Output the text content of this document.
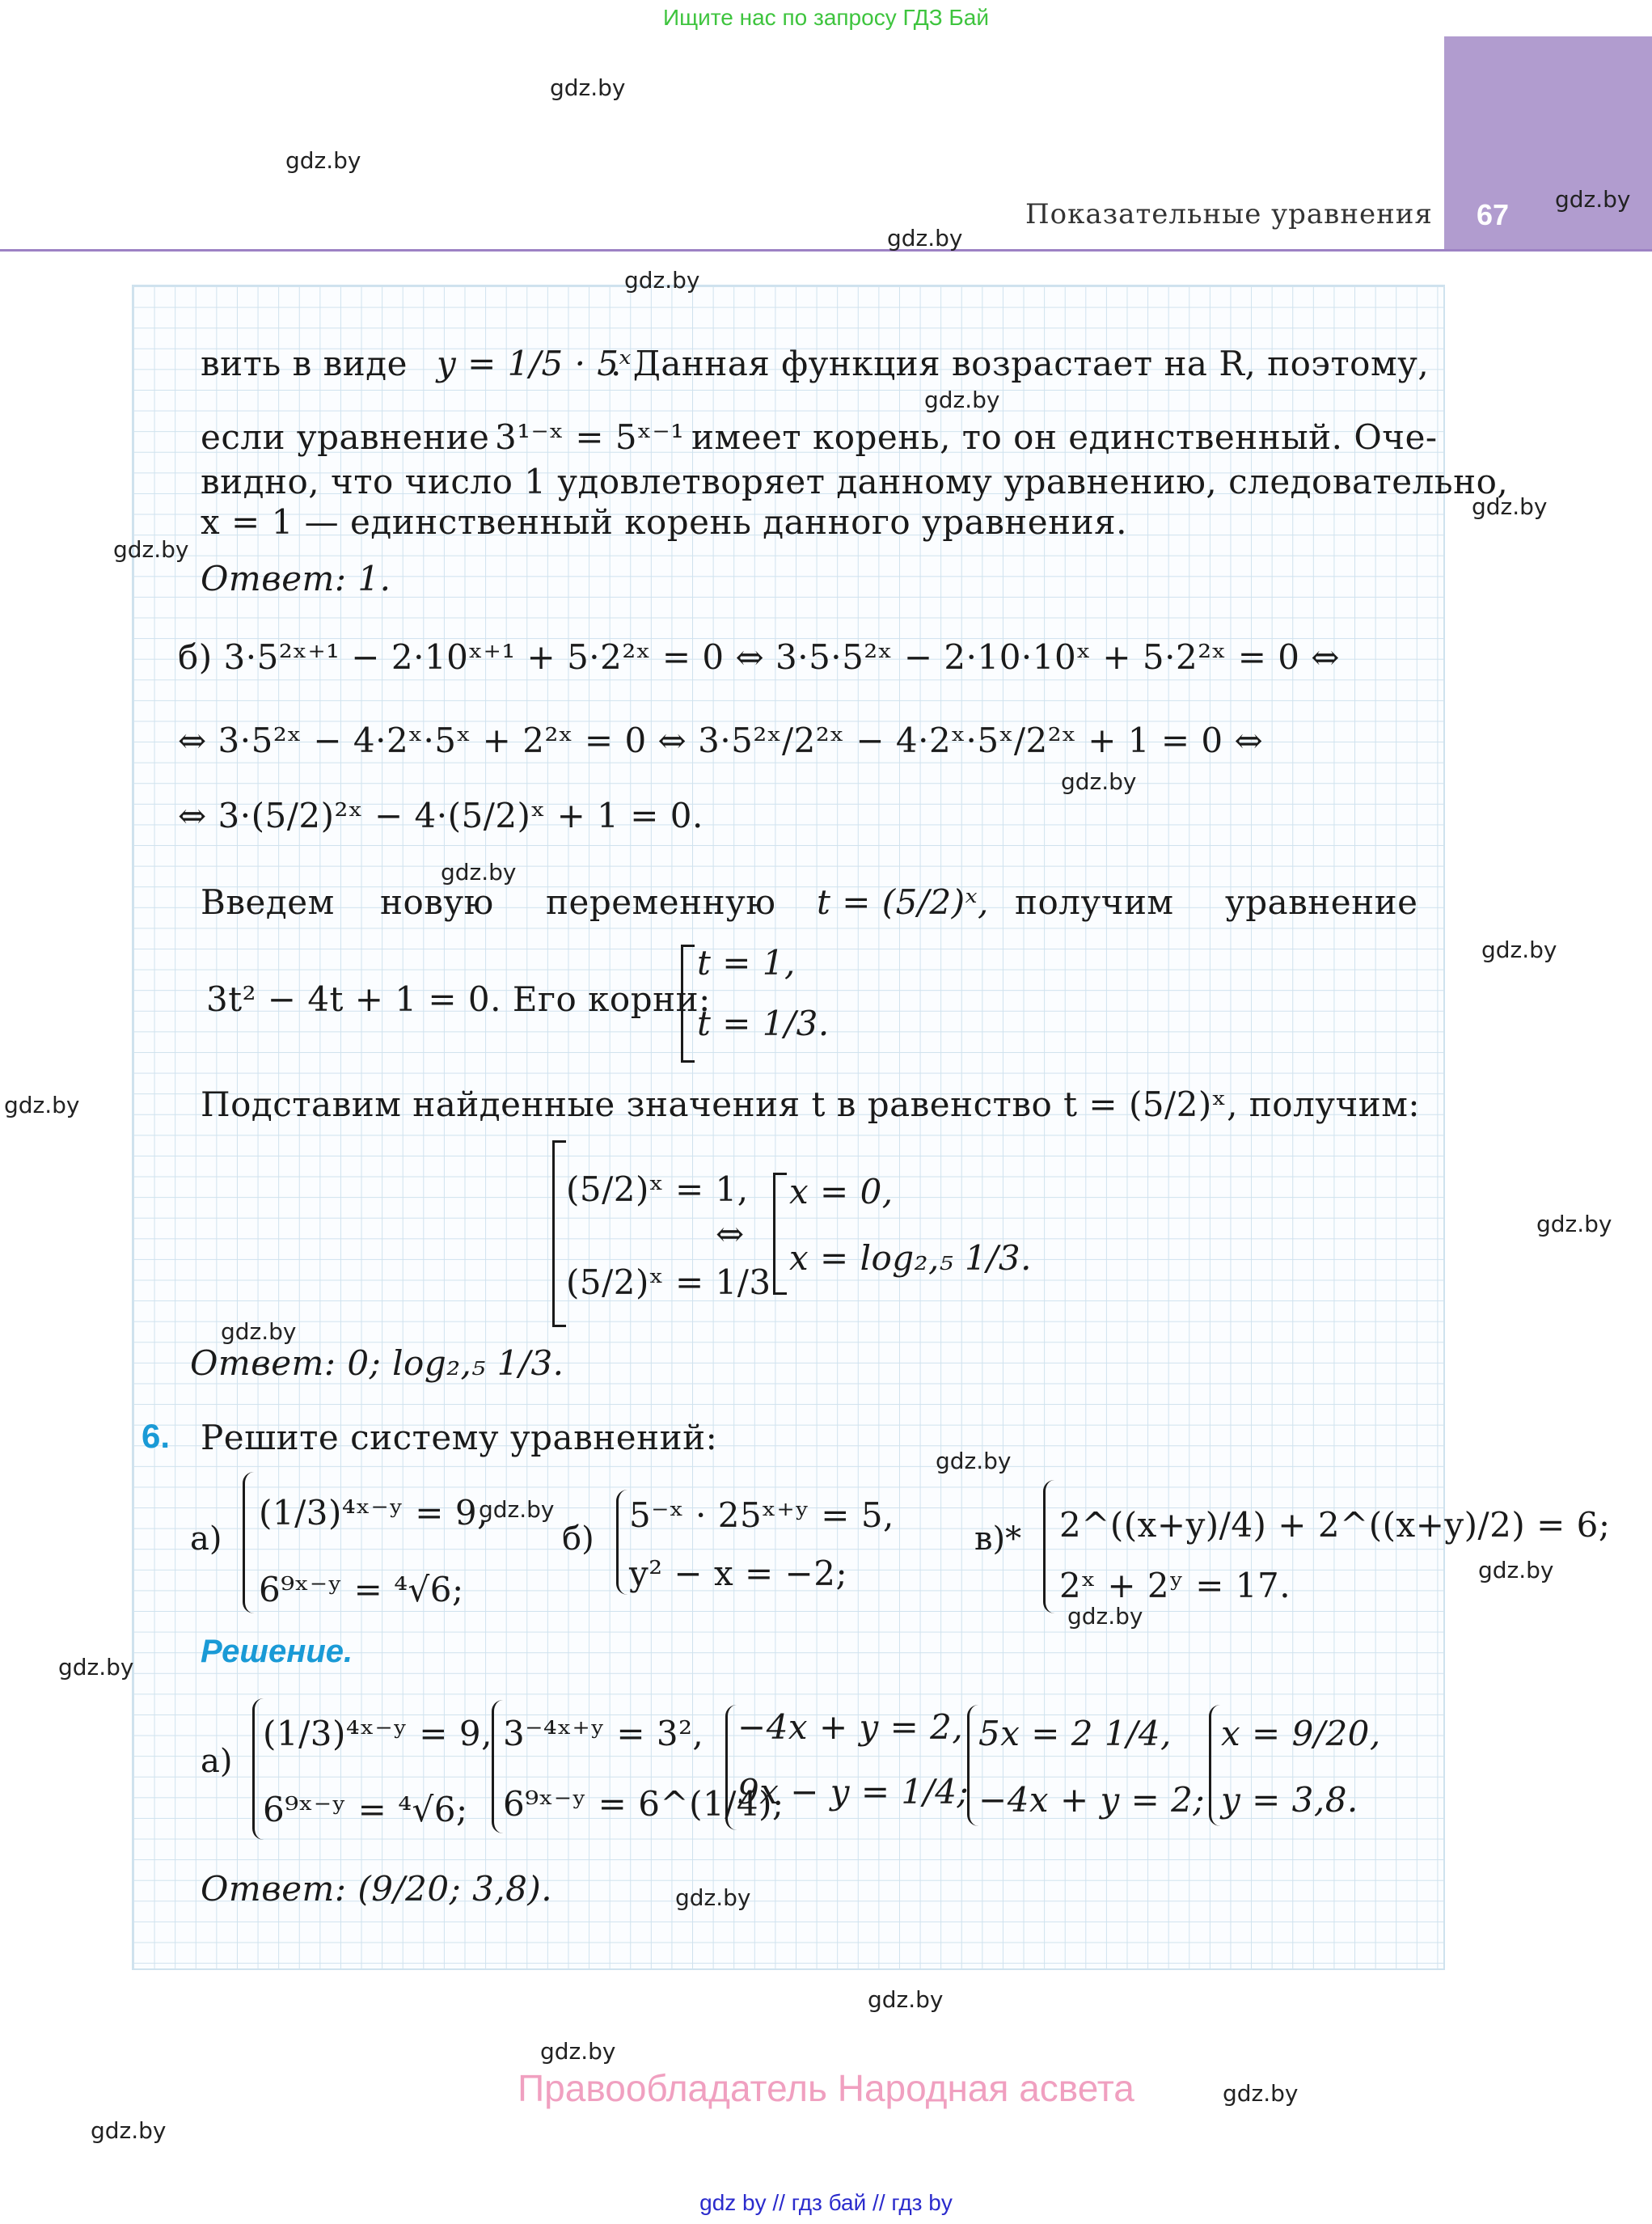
Ищите нас по запросу ГДЗ Бай
67
Показательные уравнения
вить в виде y = 1/5 · 5ˣ
. Данная функция возрастает на R, поэтому,
если уравнение 3¹⁻ˣ = 5ˣ⁻¹ имеет корень, то он единственный. Оче-
видно, что число 1 удовлетворяет данному уравнению, следовательно,
x = 1 — единственный корень данного уравнения.
Ответ: 1.
б) 3·5²ˣ⁺¹ − 2·10ˣ⁺¹ + 5·2²ˣ = 0 ⇔ 3·5·5²ˣ − 2·10·10ˣ + 5·2²ˣ = 0 ⇔
⇔ 3·5²ˣ − 4·2ˣ·5ˣ + 2²ˣ = 0 ⇔ 3·5²ˣ/2²ˣ − 4·2ˣ·5ˣ/2²ˣ + 1 = 0 ⇔
⇔ 3·(5/2)²ˣ − 4·(5/2)ˣ + 1 = 0.
Введем новую переменную t = (5/2)ˣ, получим уравнение
3t² − 4t + 1 = 0. Его корни:
t = 1,
t = 1/3.
Подставим найденные значения t в равенство t = (5/2)ˣ, получим:
(5/2)ˣ = 1,
(5/2)ˣ = 1/3
⇔
x = 0,
x = log₂,₅ 1/3.
Ответ: 0; log₂,₅ 1/3.
6. Решите систему уравнений:
а)
(1/3)⁴ˣ⁻ʸ = 9,
6⁹ˣ⁻ʸ = ⁴√6;
б)
5⁻ˣ · 25ˣ⁺ʸ = 5,
y² − x = −2;
в)* 2^((x+y)/4) + 2^((x+y)/2) = 6;
2ˣ + 2ʸ = 17.
Решение.
а)
(1/3)⁴ˣ⁻ʸ = 9,
6⁹ˣ⁻ʸ = ⁴√6;
3⁻⁴ˣ⁺ʸ = 3²,
6⁹ˣ⁻ʸ = 6^(1/4);
−4x + y = 2,
9x − y = 1/4;
5x = 2 1/4,
−4x + y = 2;
x = 9/20,
y = 3,8.
Ответ: (9/20; 3,8).
gdz.by
gdz.by
gdz.by
gdz.by
gdz.by
gdz.by
gdz.by
gdz.by
gdz.by
gdz.by
gdz.by
gdz.by
gdz.by
gdz.by
gdz.by
gdz.by
gdz.by
gdz.by
gdz.by
gdz.by
gdz.by
gdz.by
gdz.by
gdz.by
Правообладатель Народная асвета
gdz by // гдз бай // гдз by
